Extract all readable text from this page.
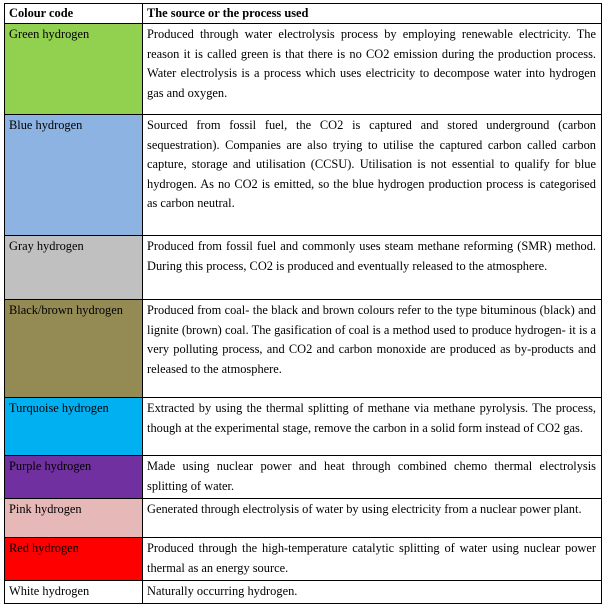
Colour code	The source or the process used
Green hydrogen	Produced through water electrolysis process by employing renewable electricity. The reason it is called green is that there is no CO2 emission during the production process. Water electrolysis is a process which uses electricity to decompose water into hydrogen gas and oxygen.
Blue hydrogen	Sourced from fossil fuel, the CO2 is captured and stored underground (carbon sequestration). Companies are also trying to utilise the captured carbon called carbon capture, storage and utilisation (CCSU). Utilisation is not essential to qualify for blue hydrogen. As no CO2 is emitted, so the blue hydrogen production process is categorised as carbon neutral.
Gray hydrogen	Produced from fossil fuel and commonly uses steam methane reforming (SMR) method. During this process, CO2 is produced and eventually released to the atmosphere.
Black/brown hydrogen	Produced from coal- the black and brown colours refer to the type bituminous (black) and lignite (brown) coal. The gasification of coal is a method used to produce hydrogen- it is a very polluting process, and CO2 and carbon monoxide are produced as by-products and released to the atmosphere.
Turquoise hydrogen	Extracted by using the thermal splitting of methane via methane pyrolysis. The process, though at the experimental stage, remove the carbon in a solid form instead of CO2 gas.
Purple hydrogen	Made using nuclear power and heat through combined chemo thermal electrolysis splitting of water.
Pink hydrogen	Generated through electrolysis of water by using electricity from a nuclear power plant.
Red hydrogen	Produced through the high-temperature catalytic splitting of water using nuclear power thermal as an energy source.
White hydrogen	Naturally occurring hydrogen.
